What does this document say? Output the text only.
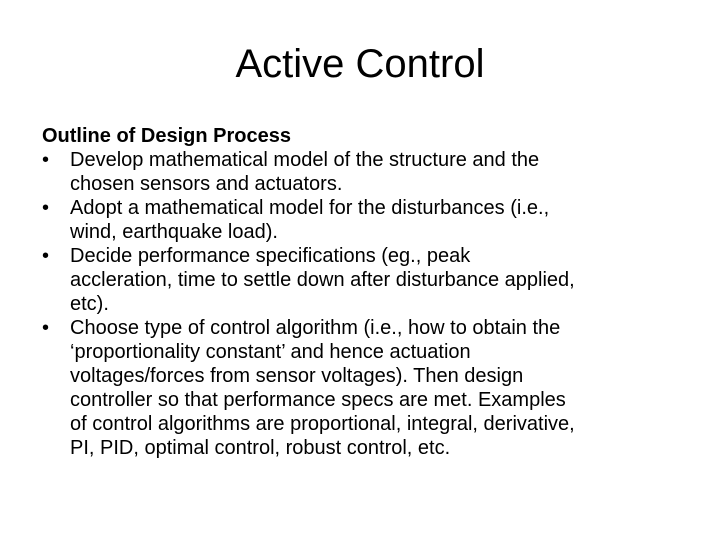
Active Control
Outline of Design Process
•	Develop mathematical model of the structure and the
chosen sensors and actuators.
•	Adopt a mathematical model for the disturbances (i.e.,
wind, earthquake load).
•	Decide performance specifications (eg., peak
accleration, time to settle down after disturbance applied,
etc).
•	Choose type of control algorithm (i.e., how to obtain the
‘proportionality constant’ and hence actuation
voltages/forces from sensor voltages). Then design
controller so that performance specs are met. Examples
of control algorithms are proportional, integral, derivative,
PI, PID, optimal control, robust control, etc.
